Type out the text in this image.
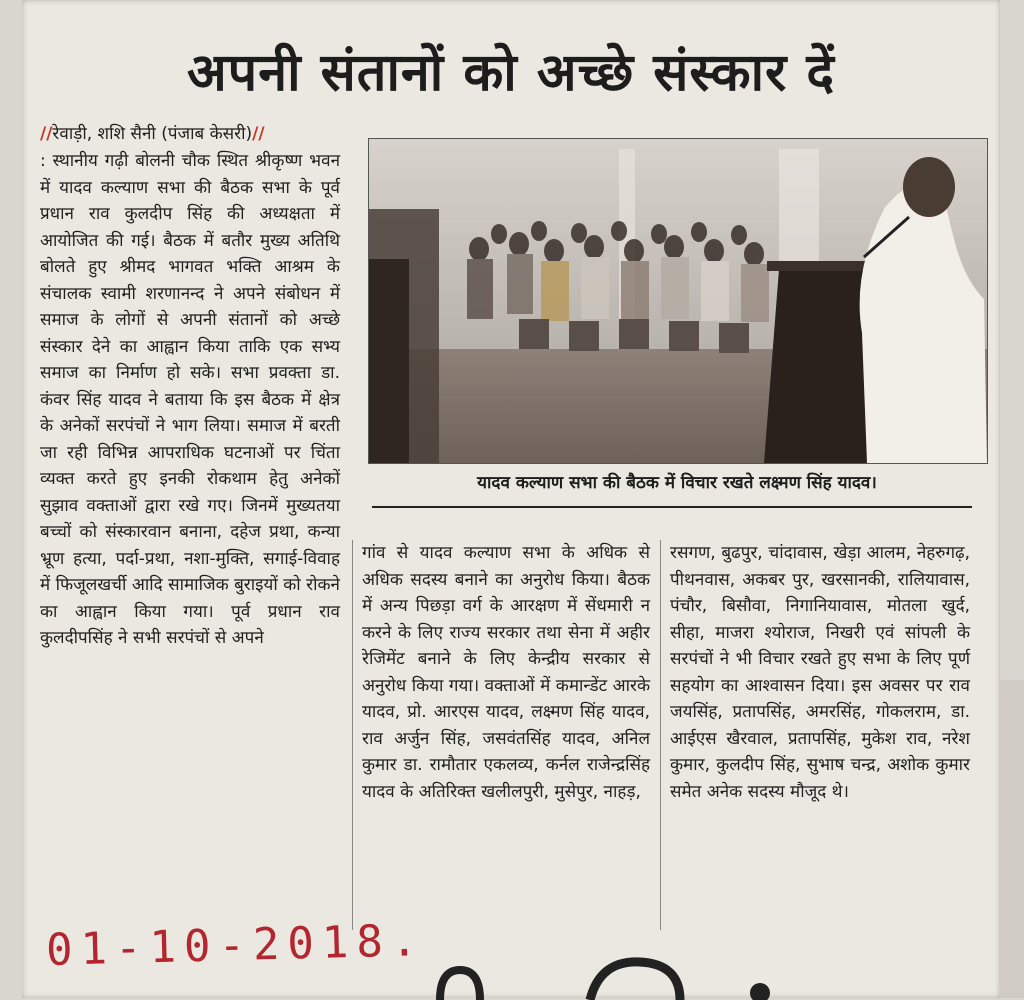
अपनी संतानों को अच्छे संस्कार दें

//रेवाड़ी, शशि सैनी (पंजाब केसरी)//

: स्थानीय गढ़ी बोलनी चौक स्थित श्रीकृष्ण भवन में यादव कल्याण सभा की बैठक सभा के पूर्व प्रधान राव कुलदीप सिंह की अध्यक्षता में आयोजित की गई। बैठक में बतौर मुख्य अतिथि बोलते हुए श्रीमद भागवत भक्ति आश्रम के संचालक स्वामी शरणानन्द ने अपने संबोधन में समाज के लोगों से अपनी संतानों को अच्छे संस्कार देने का आह्वान किया ताकि एक सभ्य समाज का निर्माण हो सके। सभा प्रवक्ता डा. कंवर सिंह यादव ने बताया कि इस बैठक में क्षेत्र के अनेकों सरपंचों ने भाग लिया। समाज में बरती जा रही विभिन्न आपराधिक घटनाओं पर चिंता व्यक्त करते हुए इनकी रोकथाम हेतु अनेकों सुझाव वक्ताओं द्वारा रखे गए। जिनमें मुख्यतया बच्चों को संस्कारवान बनाना, दहेज प्रथा, कन्या भ्रूण हत्या, पर्दा-प्रथा, नशा-मुक्ति, सगाई-विवाह में फिजूलखर्ची आदि सामाजिक बुराइयों को रोकने का आह्वान किया गया। पूर्व प्रधान राव कुलदीपसिंह ने सभी सरपंचों से अपने

यादव कल्याण सभा की बैठक में विचार रखते लक्ष्मण सिंह यादव।

गांव से यादव कल्याण सभा के अधिक से अधिक सदस्य बनाने का अनुरोध किया। बैठक में अन्य पिछड़ा वर्ग के आरक्षण में सेंधमारी न करने के लिए राज्य सरकार तथा सेना में अहीर रेजिमेंट बनाने के लिए केन्द्रीय सरकार से अनुरोध किया गया। वक्ताओं में कमान्डेंट आरके यादव, प्रो. आरएस यादव, लक्ष्मण सिंह यादव, राव अर्जुन सिंह, जसवंतसिंह यादव, अनिल कुमार डा. रामौतार एकलव्य, कर्नल राजेन्द्रसिंह यादव के अतिरिक्त खलीलपुरी, मुसेपुर, नाहड़,

रसगण, बुढपुर, चांदावास, खेड़ा आलम, नेहरुगढ़, पीथनवास, अकबर पुर, खरसानकी, रालियावास, पंचौर, बिसौवा, निगानियावास, मोतला खुर्द, सीहा, माजरा श्योराज, निखरी एवं सांपली के सरपंचों ने भी विचार रखते हुए सभा के लिए पूर्ण सहयोग का आश्वासन दिया। इस अवसर पर राव जयसिंह, प्रतापसिंह, अमरसिंह, गोकलराम, डा. आईएस खैरवाल, प्रतापसिंह, मुकेश राव, नरेश कुमार, कुलदीप सिंह, सुभाष चन्द्र, अशोक कुमार समेत अनेक सदस्य मौजूद थे।

01-10-2018.
